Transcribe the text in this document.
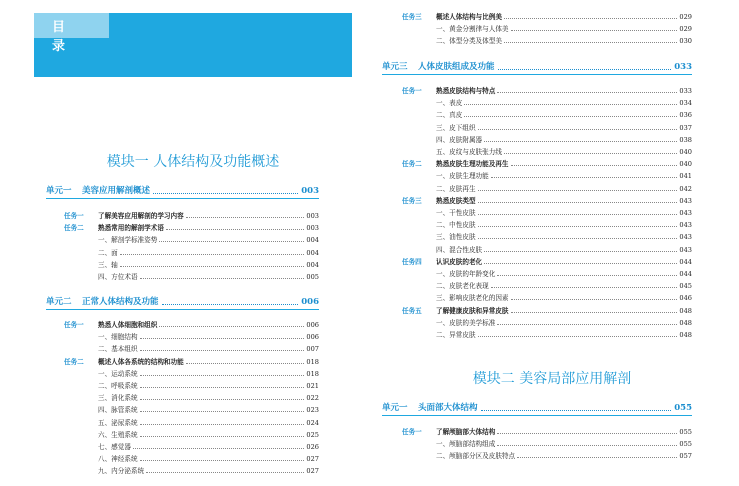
目 录
模块一 人体结构及功能概述
单元一 美容应用解剖概述	003
任务一 了解美容应用解剖的学习内容	003
任务二 熟悉常用的解剖学术语	003
一、解剖学标准姿势	004
二、面	004
三、轴	004
四、方位术语	005
单元二 正常人体结构及功能	006
任务一 熟悉人体细胞和组织	006
一、细胞结构	006
二、基本组织	007
任务二 概述人体各系统的结构和功能	018
一、运动系统	018
二、呼吸系统	021
三、消化系统	022
四、脉管系统	023
五、泌尿系统	024
六、生殖系统	025
七、感觉器	026
八、神经系统	027
九、内分泌系统	027
模块二 美容局部应用解剖
任务三 概述人体结构与比例美	029
一、黄金分割律与人体美	029
二、体型分类及体型美	030
单元三 人体皮肤组成及功能	033
任务一 熟悉皮肤结构与特点	033
一、表皮	034
二、真皮	036
三、皮下组织	037
四、皮肤附属器	038
五、皮纹与皮肤张力线	040
任务二 熟悉皮肤生理功能及再生	040
一、皮肤生理功能	041
二、皮肤再生	042
任务三 熟悉皮肤类型	043
一、干性皮肤	043
二、中性皮肤	043
三、油性皮肤	043
四、混合性皮肤	043
任务四 认识皮肤的老化	044
一、皮肤的年龄变化	044
二、皮肤老化表现	045
三、影响皮肤老化的因素	046
任务五 了解健康皮肤和异常皮肤	048
一、皮肤的美学标准	048
二、异常皮肤	048
单元一 头面部大体结构	055
任务一 了解颅脑部大体结构	055
一、颅脑部结构组成	055
二、颅脑部分区及皮肤特点	057
